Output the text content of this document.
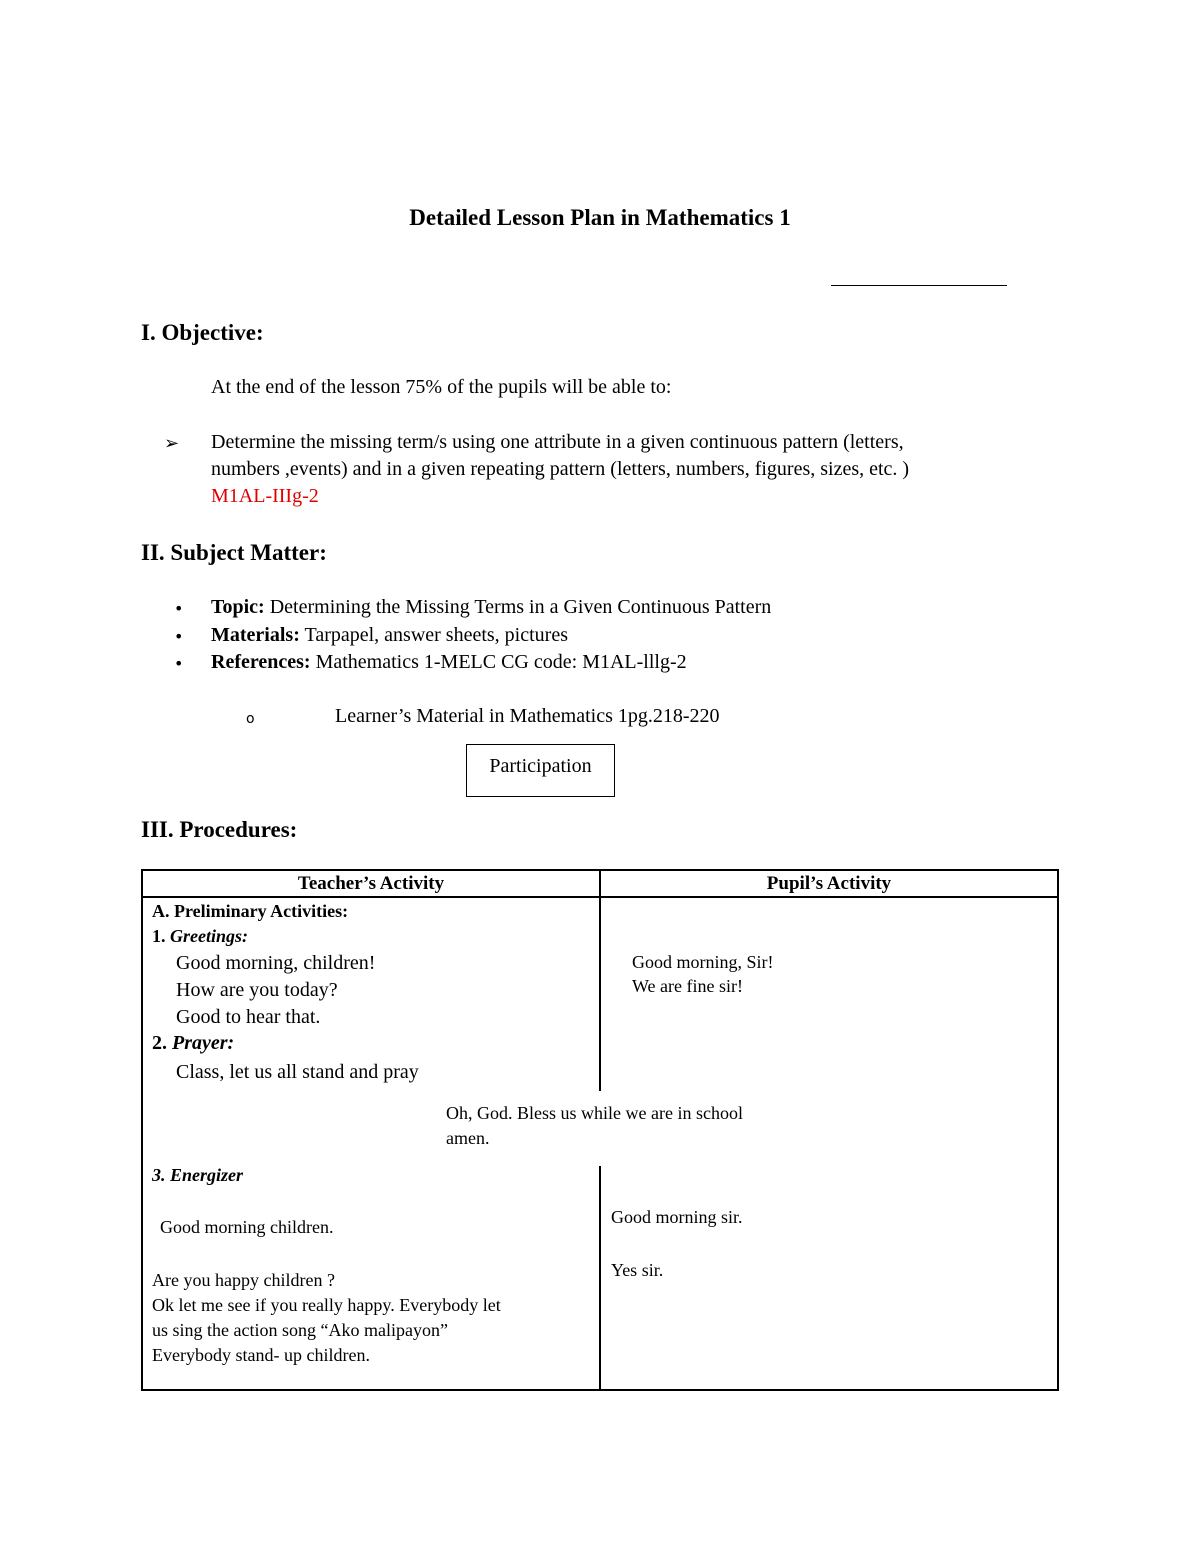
Detailed Lesson Plan in Mathematics 1
I. Objective:
At the end of the lesson 75% of the pupils will be able to:
➢ Determine the missing term/s using one attribute in a given continuous pattern (letters,
numbers ,events) and in a given repeating pattern (letters, numbers, figures, sizes, etc. )
M1AL-IIIg-2
II. Subject Matter:
• Topic: Determining the Missing Terms in a Given Continuous Pattern
• Materials: Tarpapel, answer sheets, pictures
• References: Mathematics 1-MELC CG code: M1AL-lllg-2
o	Learner’s Material in Mathematics 1pg.218-220
Participation
III. Procedures:
Teacher’s Activity	Pupil’s Activity
A. Preliminary Activities:
1. Greetings:
Good morning, children!
How are you today?
Good to hear that.
2. Prayer:
Class, let us all stand and pray
Good morning, Sir!
We are fine sir!
Oh, God. Bless us while we are in school
amen.
3. Energizer
Good morning children.
Are you happy children ?
Ok let me see if you really happy. Everybody let
us sing the action song “Ako malipayon”
Everybody stand- up children.
Good morning sir.
Yes sir.
